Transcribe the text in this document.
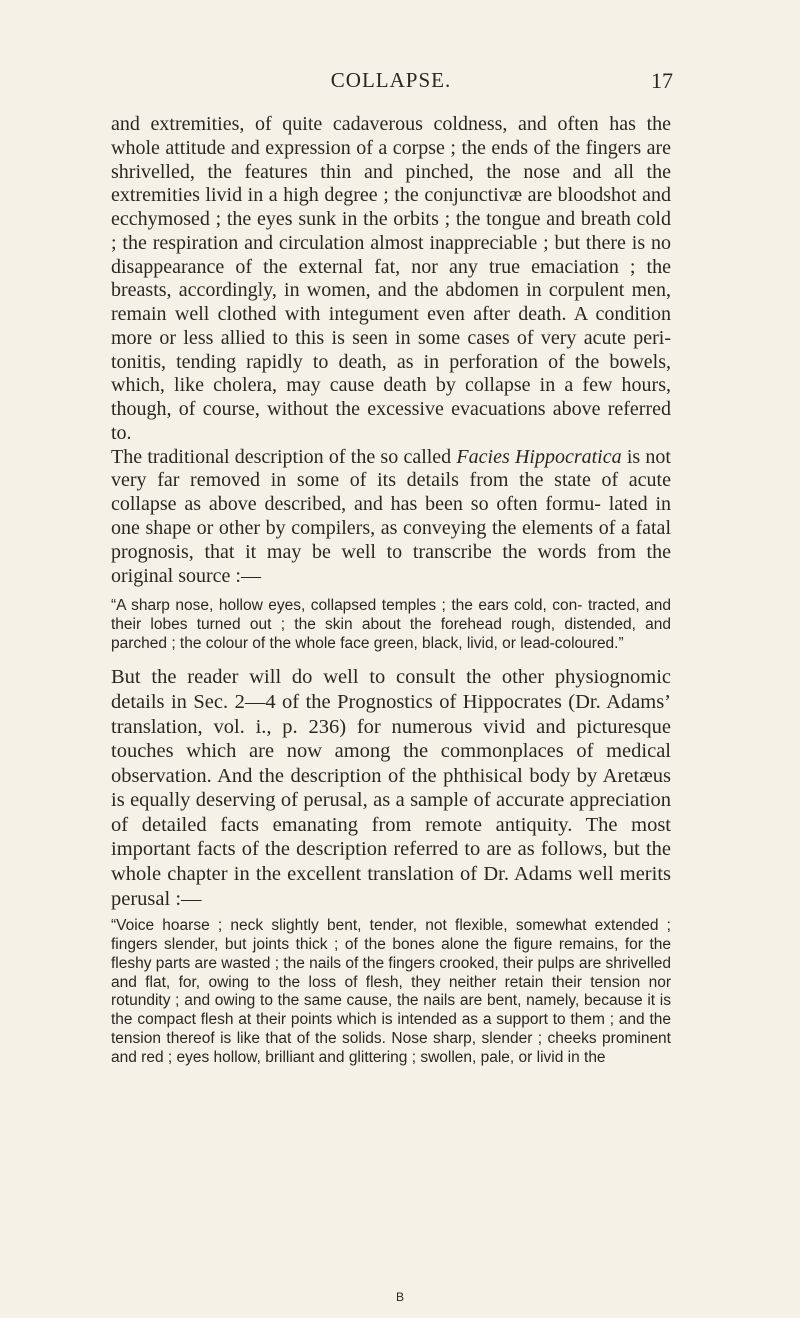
COLLAPSE.	17

and extremities, of quite cadaverous coldness, and often has the whole attitude and expression of a corpse ; the ends of the fingers are shrivelled, the features thin and pinched, the nose and all the extremities livid in a high degree ; the conjunctivæ are bloodshot and ecchymosed ; the eyes sunk in the orbits ; the tongue and breath cold ; the respiration and circulation almost inappreciable ; but there is no disappearance of the external fat, nor any true emaciation ; the breasts, accordingly, in women, and the abdomen in corpulent men, remain well clothed with integument even after death. A condition more or less allied to this is seen in some cases of very acute peri- tonitis, tending rapidly to death, as in perforation of the bowels, which, like cholera, may cause death by collapse in a few hours, though, of course, without the excessive evacuations above referred to.

The traditional description of the so called Facies Hippocratica is not very far removed in some of its details from the state of acute collapse as above described, and has been so often formu- lated in one shape or other by compilers, as conveying the elements of a fatal prognosis, that it may be well to transcribe the words from the original source :—

“A sharp nose, hollow eyes, collapsed temples ; the ears cold, con- tracted, and their lobes turned out ; the skin about the forehead rough, distended, and parched ; the colour of the whole face green, black, livid, or lead-coloured.”

But the reader will do well to consult the other physiognomic details in Sec. 2—4 of the Prognostics of Hippocrates (Dr. Adams’ translation, vol. i., p. 236) for numerous vivid and picturesque touches which are now among the commonplaces of medical observation. And the description of the phthisical body by Aretæus is equally deserving of perusal, as a sample of accurate appreciation of detailed facts emanating from remote antiquity. The most important facts of the description referred to are as follows, but the whole chapter in the excellent translation of Dr. Adams well merits perusal :—

“Voice hoarse ; neck slightly bent, tender, not flexible, somewhat extended ; fingers slender, but joints thick ; of the bones alone the figure remains, for the fleshy parts are wasted ; the nails of the fingers crooked, their pulps are shrivelled and flat, for, owing to the loss of flesh, they neither retain their tension nor rotundity ; and owing to the same cause, the nails are bent, namely, because it is the compact flesh at their points which is intended as a support to them ; and the tension thereof is like that of the solids. Nose sharp, slender ; cheeks prominent and red ; eyes hollow, brilliant and glittering ; swollen, pale, or livid in the

B
